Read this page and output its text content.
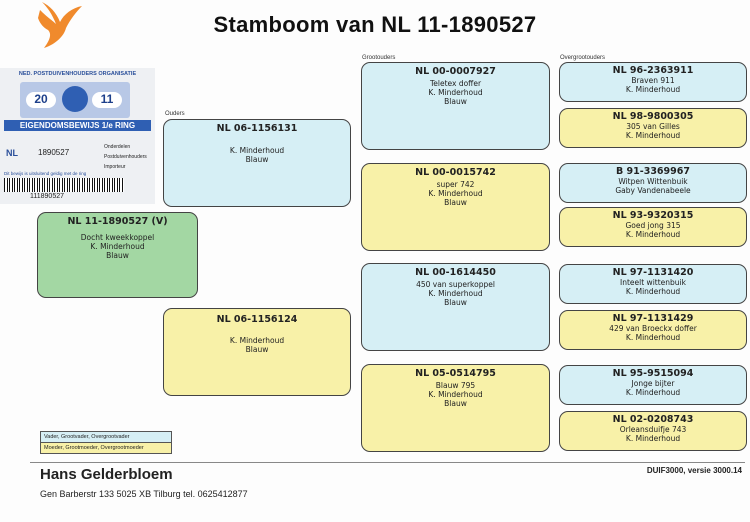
Stamboom van NL 11-1890527
Ouders
Grootouders	Overgrootouders
NED. POSTDUIVENHOUDERS ORGANISATIE
20	11
EIGENDOMSBEWIJS 1/e RING
NL	1890527
Onderdelen
Postduivenhouders
Importeur
Dit bewijs is uitsluitend geldig met de ring
111890527
NL 11-1890527 (V)
Docht kweekkoppel
K. Minderhoud
Blauw
NL 06-1156131
K. Minderhoud
Blauw
NL 06-1156124
K. Minderhoud
Blauw
NL 00-0007927
Teletex doffer
K. Minderhoud
Blauw
NL 00-0015742
super 742
K. Minderhoud
Blauw
NL 00-1614450
450 van superkoppel
K. Minderhoud
Blauw
NL 05-0514795
Blauw 795
K. Minderhoud
Blauw
NL 96-2363911
Braven 911
K. Minderhoud
NL 98-9800305
305 van Gilles
K. Minderhoud
B 91-3369967
Witpen Wittenbuik
Gaby Vandenabeele
NL 93-9320315
Goed jong 315
K. Minderhoud
NL 97-1131420
Inteelt wittenbuik
K. Minderhoud
NL 97-1131429
429 van Broeckx doffer
K. Minderhoud
NL 95-9515094
Jonge bijter
K. Minderhoud
NL 02-0208743
Orleansduifje 743
K. Minderhoud
Vader, Grootvader, Overgrootvader
Moeder, Grootmoeder, Overgrootmoeder
Hans Gelderbloem
Gen Barberstr 133 5025 XB Tilburg tel. 0625412877
DUIF3000, versie 3000.14
